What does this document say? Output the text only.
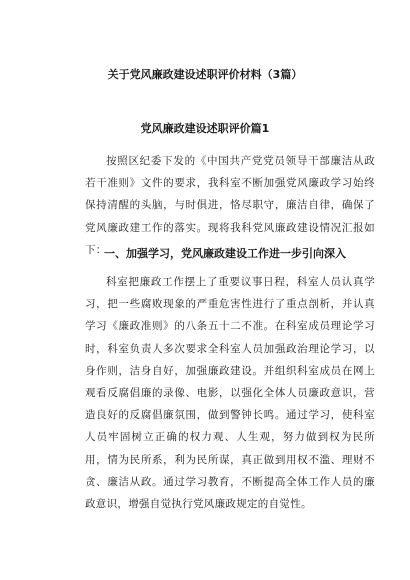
关于党风廉政建设述职评价材料（3篇）
党风廉政建设述职评价篇1
按照区纪委下发的《中国共产党党员领导干部廉洁从政若干准则》文件的要求，我科室不断加强党风廉政学习始终保持清醒的头脑，与时俱进，恪尽职守，廉洁自律，确保了党风廉政建工作的落实。现将我科党风廉政建设情况汇报如下：
一、加强学习，党风廉政建设工作进一步引向深入
科室把廉政工作摆上了重要议事日程，科室人员认真学习，把一些腐败现象的严重危害性进行了重点剖析，并认真学习《廉政准则》的八条五十二不准。在科室成员理论学习时，科室负责人多次要求全科室人员加强政治理论学习，以身作则，洁身自好，加强廉政建设。并组织科室成员在网上观看反腐倡廉的录像、电影，以强化全体人员廉政意识，营造良好的反腐倡廉氛围，做到警钟长鸣。通过学习，使科室人员牢固树立正确的权力观、人生观，努力做到权为民所用，情为民所系，利为民所谋，真正做到用权不滥、理财不贪、廉洁从政。通过学习教育，不断提高全体工作人员的廉政意识，增强自觉执行党风廉政规定的自觉性。
